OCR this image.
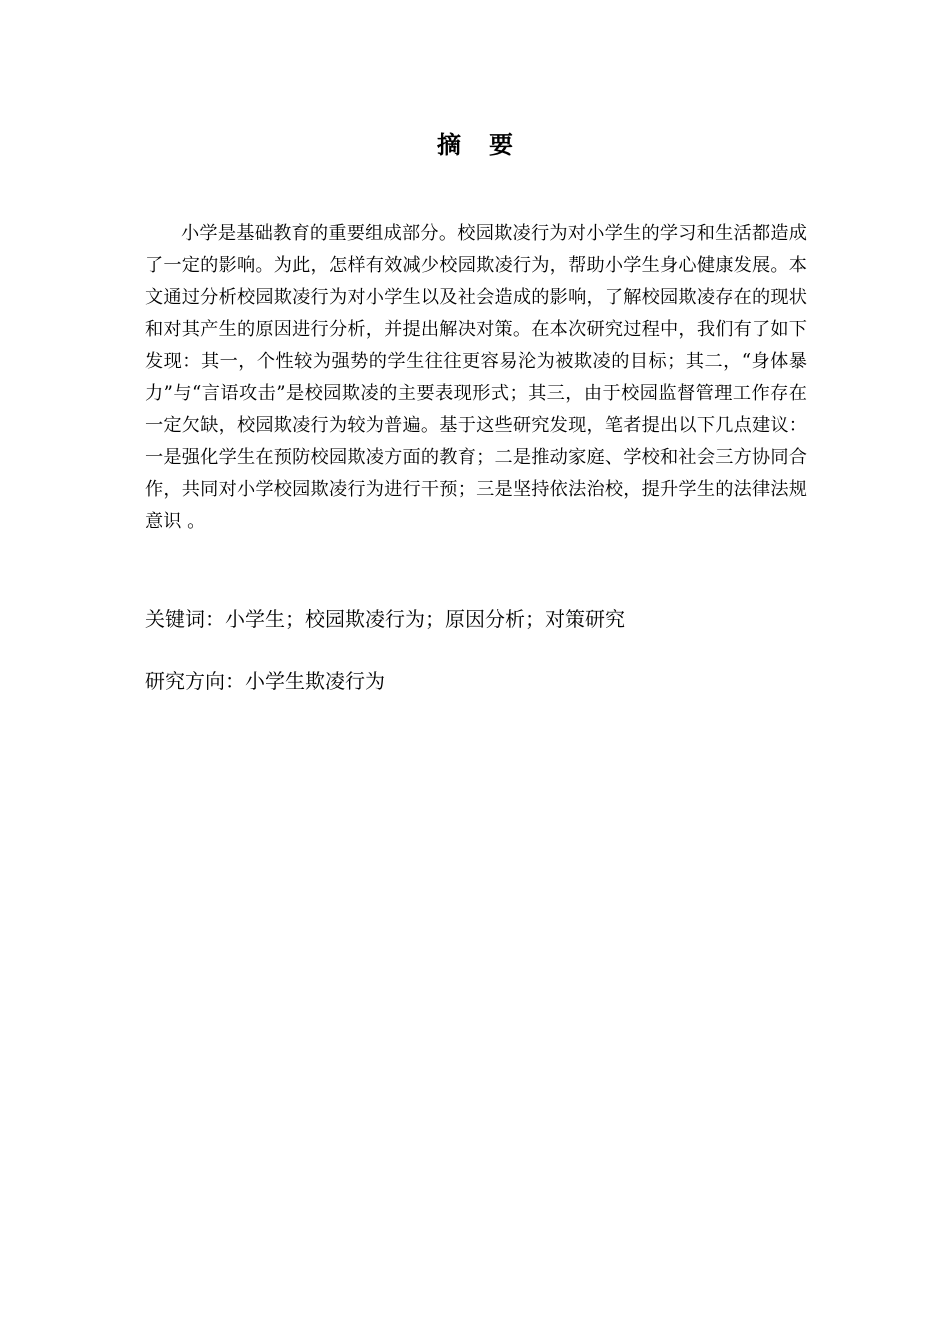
摘要

小学是基础教育的重要组成部分。校园欺凌行为对小学生的学习和生活都造成了一定的影响。为此，怎样有效减少校园欺凌行为，帮助小学生身心健康发展。本文通过分析校园欺凌行为对小学生以及社会造成的影响，了解校园欺凌存在的现状和对其产生的原因进行分析，并提出解决对策。在本次研究过程中，我们有了如下发现：其一，个性较为强势的学生往往更容易沦为被欺凌的目标；其二，“身体暴力”与“言语攻击”是校园欺凌的主要表现形式；其三，由于校园监督管理工作存在一定欠缺，校园欺凌行为较为普遍。基于这些研究发现，笔者提出以下几点建议：一是强化学生在预防校园欺凌方面的教育；二是推动家庭、学校和社会三方协同合作，共同对小学校园欺凌行为进行干预；三是坚持依法治校，提升学生的法律法规意识 。

关键词：小学生；校园欺凌行为；原因分析；对策研究
研究方向：小学生欺凌行为
